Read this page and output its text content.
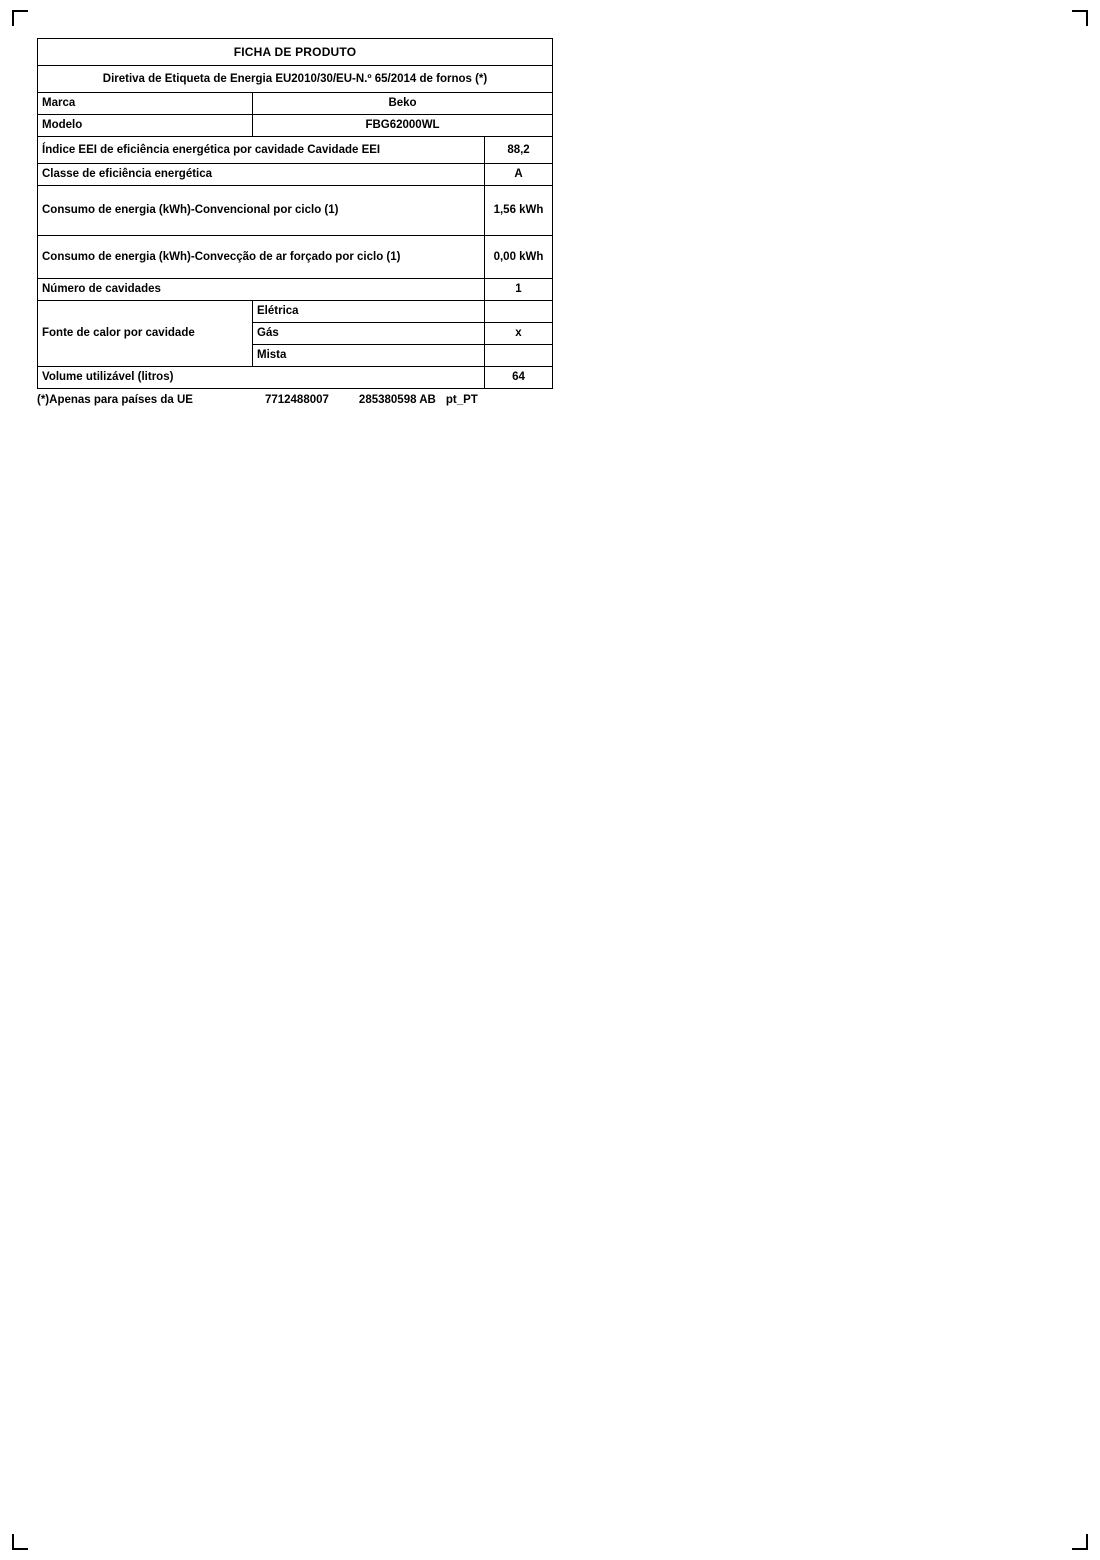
FICHA DE PRODUTO		
Diretiva de Etiqueta de Energia EU2010/30/EU-N.º 65/2014 de fornos (*)		
Marca	Beko	
Modelo	FBG62000WL	
Índice EEI de eficiência energética por cavidade Cavidade EEI		88,2
Classe de eficiência energética		A
Consumo de energia (kWh)-Convencional por ciclo (1)		1,56 kWh
Consumo de energia (kWh)-Convecção de ar forçado por ciclo (1)		0,00 kWh
Número de cavidades		1
Fonte de calor por cavidade	Elétrica	
	Gás	x
	Mista	
Volume utilizável (litros)		64
(*)Apenas para países da UE	7712488007	285380598 AB pt_PT
